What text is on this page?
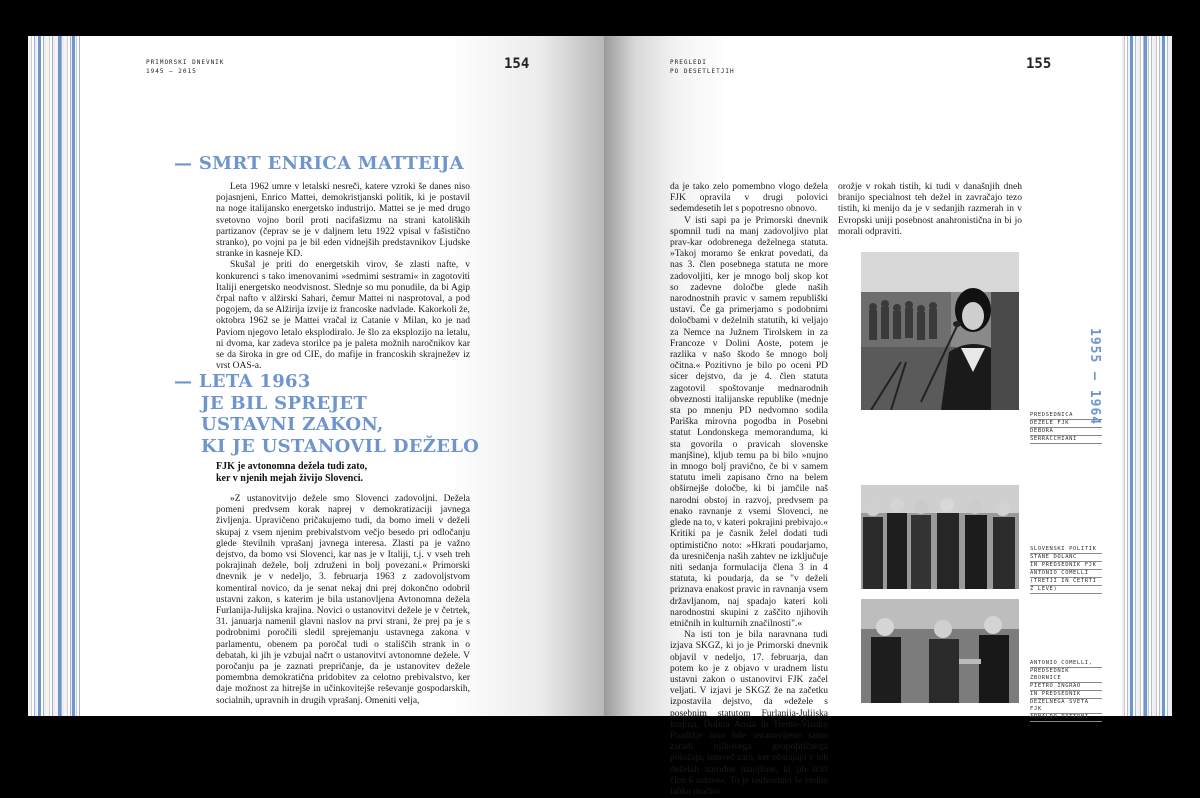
PRIMORSKI DNEVNIK
1945 – 2015	154
— SMRT ENRICA MATTEIJA

Leta 1962 umre v letalski nesreči, katere vzroki še danes niso pojasnjeni, Enrico Mattei, demokristjanski politik, ki je postavil na noge italijansko energetsko industrijo. Mattei se je med drugo svetovno vojno boril proti nacifašizmu na strani katoliških partizanov (čeprav se je v daljnem letu 1922 vpisal v fašistično stranko), po vojni pa je bil eden vidnejših predstavnikov Ljudske stranke in kasneje KD.

Skušal je priti do energetskih virov, še zlasti nafte, v konkurenci s tako imenovanimi »sedmimi sestrami« in zagotoviti Italiji energetsko neodvisnost. Slednje so mu ponudile, da bi Agip črpal nafto v alžirski Sahari, čemur Mattei ni nasprotoval, a pod pogojem, da se Alžirija izvije iz francoske nadvlade. Kakorkoli že, oktobra 1962 se je Mattei vračal iz Catanie v Milan, ko je nad Paviom njegovo letalo eksplodiralo. Je šlo za eksplozijo na letalu, ni dvoma, kar zadeva storilce pa je paleta možnih naročnikov kar se da široka in gre od CIE, do mafije in francoskih skrajnežev iz vrst OAS-a.

— LETA 1963
JE BIL SPREJET
USTAVNI ZAKON,
KI JE USTANOVIL DEŽELO
FJK je avtonomna dežela tudi zato, ker v njenih mejah živijo Slovenci.

»Z ustanovitvijo dežele smo Slovenci zadovoljni. Dežela pomeni predvsem korak naprej v demokratizaciji javnega življenja. Upravičeno pričakujemo tudi, da bomo imeli v deželi skupaj z vsem njenim prebivalstvom večjo besedo pri odločanju glede številnih vprašanj javnega interesa. Zlasti pa je važno dejstvo, da bomo vsi Slovenci, kar nas je v Italiji, t.j. v vseh treh pokrajinah dežele, bolj združeni in bolj povezani.« Primorski dnevnik je v nedeljo, 3. februarja 1963 z zadovoljstvom komentiral novico, da je senat nekaj dni prej dokončno odobril ustavni zakon, s katerim je bila ustanovljena Avtonomna dežela Furlanija-Julijska krajina. Novici o ustanovitvi dežele je v četrtek, 31. januarja namenil glavni naslov na prvi strani, že prej pa je s podrobnimi poročili sledil sprejemanju ustavnega zakona v parlamentu, obenem pa poročal tudi o stališčih strank in o debatah, ki jih je vzbujal načrt o ustanovitvi avtonomne dežele. V poročanju pa je zaznati prepričanje, da je ustanovitev dežele pomembna demokratična pridobitev za celotno prebivalstvo, ker daje možnost za hitrejše in učinkovitejše reševanje gospodarskih, socialnih, upravnih in drugih vprašanj. Omeniti velja,

PREGLEDI
PO DESETLETJIH	155

da je tako zelo pomembno vlogo dežela FJK opravila v drugi polovici sedemdesetih let s popotresno obnovo.

V isti sapi pa je Primorski dnevnik spomnil tudi na manj zadovoljivo plat prav-kar odobrenega deželnega statuta. »Takoj moramo še enkrat povedati, da nas 3. člen posebnega statuta ne more zadovoljiti, ker je mnogo bolj skop kot so zadevne določbe glede naših narodnostnih pravic v samem republiški ustavi. Če ga primerjamo s podobnimi določbami v deželnih statutih, ki veljajo za Nemce na Južnem Tirolskem in za Francoze v Dolini Aoste, potem je razlika v našo škodo še mnogo bolj očitna.« Pozitivno je bilo po oceni PD sicer dejstvo, da je 4. člen statuta zagotovil spoštovanje mednarodnih obveznosti italijanske republike (mednje sta po mnenju PD nedvomno sodila Pariška mirovna pogodba in Posebni statut Londonskega memoranduma, ki sta govorila o pravicah slovenske manjšine), kljub temu pa bi bilo »nujno in mnogo bolj pravično, če bi v samem statutu imeli zapisano črno na belem obširnejše določbe, ki bi jamčile naš narodni obstoj in razvoj, predvsem pa enako ravnanje z vsemi Slovenci, ne glede na to, v kateri pokrajini prebivajo.« Kritiki pa je časnik želel dodati tudi optimistično noto: »Hkrati poudarjamo, da uresničenja naših zahtev ne izključuje niti sedanja formulacija člena 3 in 4 statuta, ki poudarja, da se "v deželi priznava enakost pravic in ravnanja vsem državljanom, naj spadajo kateri koli narodnostni skupini z zaščito njihovih etničnih in kulturnih značilnosti".«

Na isti ton je bila naravnana tudi izjava SKGZ, ki jo je Primorski dnevnik objavil v nedeljo, 17. februarja, dan potem ko je z objavo v uradnem listu ustavni zakon o ustanovitvi FJK začel veljati. V izjavi je SKGZ že na začetku izpostavila dejstvo, da »dežele s posebnim statutom Furlanija-Julijska krajina, Dolina Aosta in Trento-Visoko Poadižje niso bile ustanovljene samo zaradi njihovega geopolitičnega položaja, temveč zato, ker obstajajo v teh deželah narodne manjšine, ki jih ščiti člen 6 ustave«. To je nedvomno še vedno lahko močno

orožje v rokah tistih, ki tudi v današnjih dneh branijo specialnost teh dežel in zavračajo tezo tistih, ki menijo da je v sedanjih razmerah in v Evropski uniji posebnost anahronistična in bi jo morali odpraviti.

PREDSEDNICA
DEŽELE FJK
DEBORA
SERRACCHIANI
SLOVENSKI POLITIK
STANE DOLANC
IN PREDSEDNIK FJK
ANTONIO COMELLI
(TRETJI IN ČETRTI
Z LEVE)
ANTONIO COMELLI,
PREDSEDNIK ZBORNICE
PIETRO INGRAO
IN PREDSEDNIK
DEŽELNEGA SVETA FJK
ARNALDO PITTONI
1955 — 1964
